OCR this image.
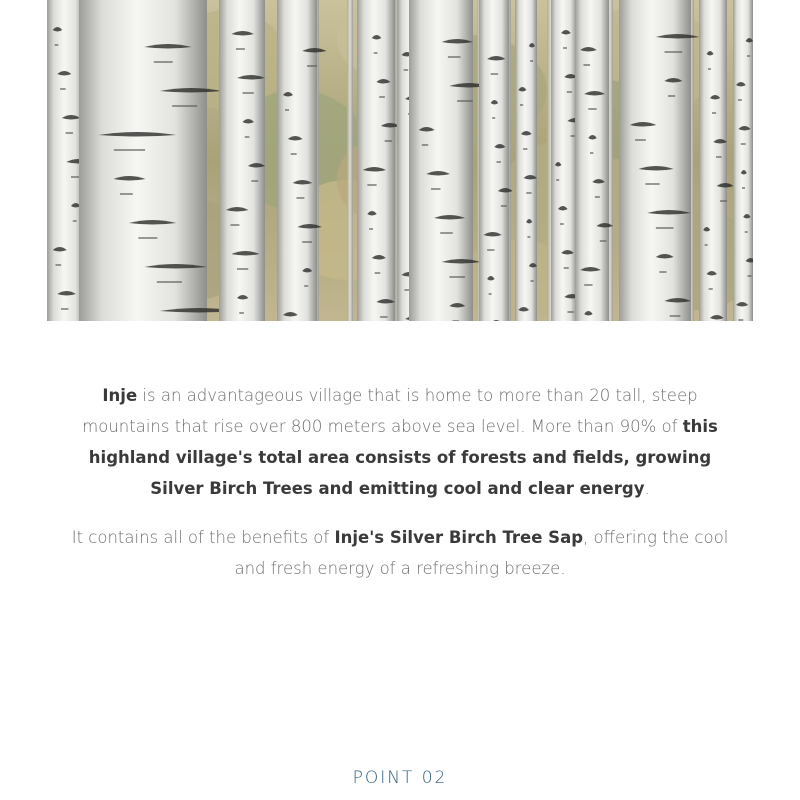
Inje is an advantageous village that is home to more than 20 tall, steep mountains that rise over 800 meters above sea level. More than 90% of this highland village's total area consists of forests and fields, growing Silver Birch Trees and emitting cool and clear energy.

It contains all of the benefits of Inje's Silver Birch Tree Sap, offering the cool and fresh energy of a refreshing breeze.

POINT 02
